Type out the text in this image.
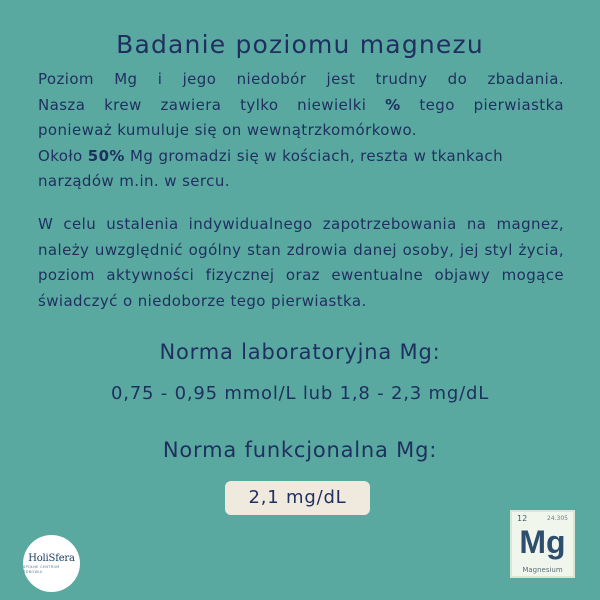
Badanie poziomu magnezu
Poziom Mg i jego niedobór jest trudny do zbadania.
Nasza krew zawiera tylko niewielki % tego pierwiastka
ponieważ kumuluje się on wewnątrzkomórkowo.
Około 50% Mg gromadzi się w kościach, reszta w tkankach
narządów m.in. w sercu.
W celu ustalenia indywidualnego zapotrzebowania na magnez, należy uwzględnić ogólny stan zdrowia danej osoby, jej styl życia, poziom aktywności fizycznej oraz ewentualne objawy mogące świadczyć o niedoborze tego pierwiastka.
Norma laboratoryjna Mg:
0,75 - 0,95 mmol/L lub 1,8 - 2,3 mg/dL
Norma funkcjonalna Mg:
2,1 mg/dL
HoliSfera
SPÓŁNE CENTRUM ZDROWIA
12	24.305
Mg
Magnesium
